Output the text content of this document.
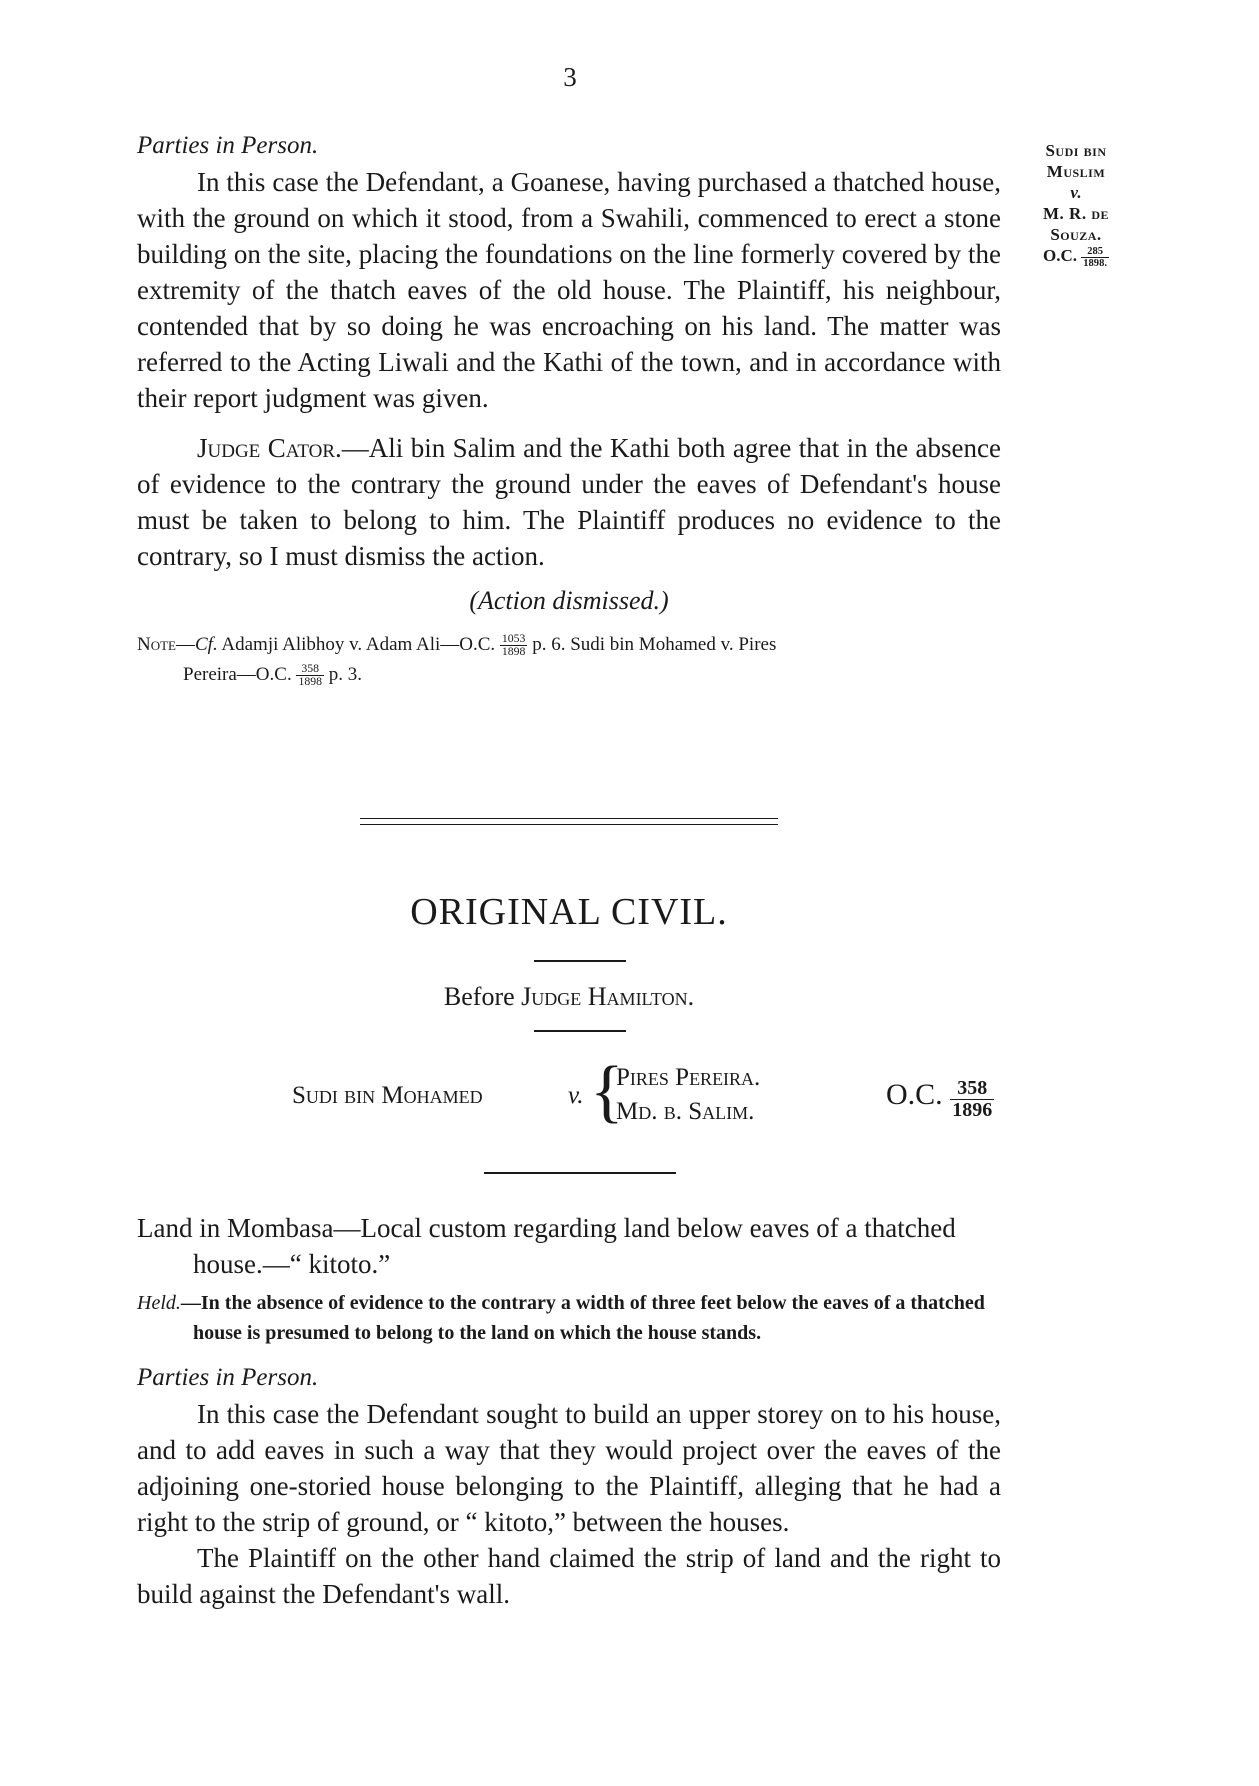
3
Sudi bin
Muslim
v.
M. R. de
Souza.
O.C. $\frac{285}{1898.}$
Parties in Person.

In this case the Defendant, a Goanese, having purchased a thatched house, with the ground on which it stood, from a Swahili, commenced to erect a stone building on the site, placing the foundations on the line formerly covered by the extremity of the thatch eaves of the old house. The Plaintiff, his neighbour, contended that by so doing he was encroaching on his land. The matter was referred to the Acting Liwali and the Kathi of the town, and in accordance with their report judgment was given.

Judge Cator.—Ali bin Salim and the Kathi both agree that in the absence of evidence to the contrary the ground under the eaves of Defendant's house must be taken to belong to him. The Plaintiff produces no evidence to the contrary, so I must dismiss the action.

(Action dismissed.)
Note—Cf. Adamji Alibhoy v. Adam Ali—O.C. $\frac{1053}{1898} p$. 6. Sudi bin Mohamed v. Pires
Pereira—O.C. $\frac{358}{1898} p$. 3.
ORIGINAL CIVIL.
Before Judge Hamilton.
Sudi bin Mohamed	v. {
Pires Pereira.
Md. b. Salim.
O.C. $\frac{358}{1896}$

Land in Mombasa—Local custom regarding land below eaves of a thatched house.—“ kitoto.”

Held.—In the absence of evidence to the contrary a width of three feet below the eaves of a thatched house is presumed to belong to the land on which the house stands.

Parties in Person.

In this case the Defendant sought to build an upper storey on to his house, and to add eaves in such a way that they would project over the eaves of the adjoining one-storied house belonging to the Plaintiff, alleging that he had a right to the strip of ground, or “ kitoto,” between the houses.

The Plaintiff on the other hand claimed the strip of land and the right to build against the Defendant's wall.
